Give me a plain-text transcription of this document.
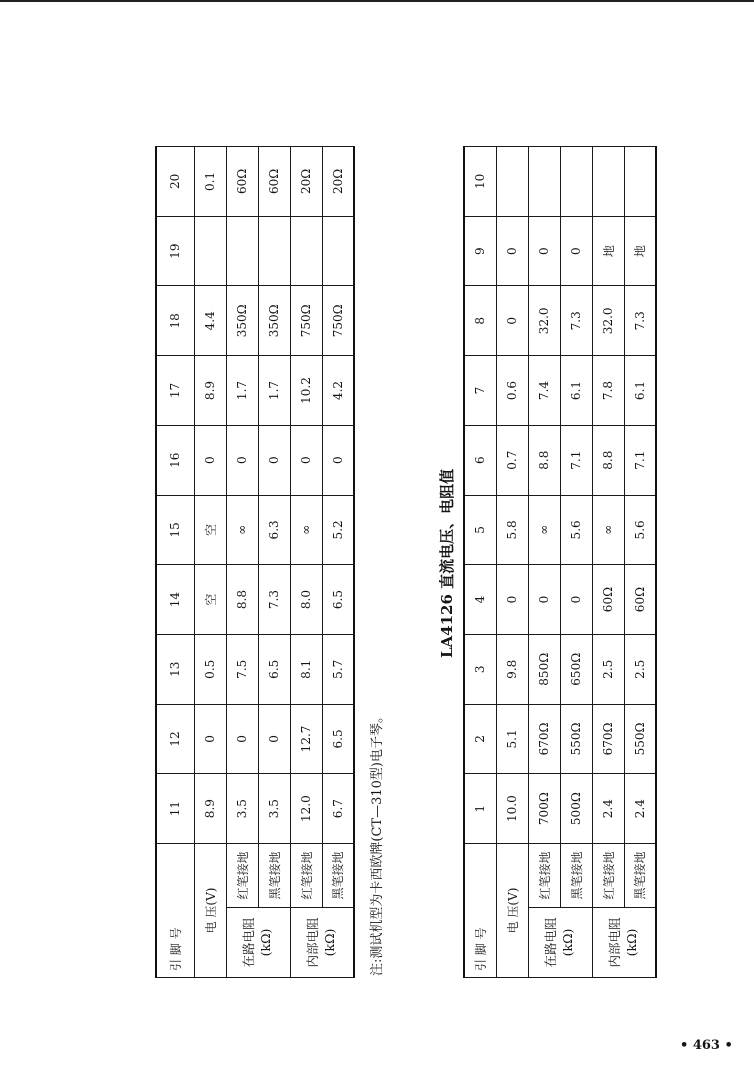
引 脚 号		11	12	13	14	15	16	17	18	19	20
电 压(V)		8.9	0	0.5	空	空	0	8.9	4.4		0.1

在路电阻 (kΩ)	红笔接地	3.5	0	7.5	8.8	∞	0	1.7	350Ω		60Ω
	黑笔接地	3.5	0	6.5	7.3	6.3	0	1.7	350Ω		60Ω

内部电阻 (kΩ)	红笔接地	12.0	12.7	8.1	8.0	∞	0	10.2	750Ω		20Ω
	黑笔接地	6.7	6.5	5.7	6.5	5.2	0	4.2	750Ω		20Ω
注:测试机型为卡西欧牌(CT—310型)电子琴。
LA4126 直流电压、电阻值
引 脚 号		1	2	3	4	5	6	7	8	9	10
电 压(V)		10.0	5.1	9.8	0	5.8	0.7	0.6	0	0	

在路电阻 (kΩ)	红笔接地	700Ω	670Ω	850Ω	0	∞	8.8	7.4	32.0	0	
	黑笔接地	500Ω	550Ω	650Ω	0	5.6	7.1	6.1	7.3	0	

内部电阻 (kΩ)	红笔接地	2.4	670Ω	2.5	60Ω	∞	8.8	7.8	32.0	地	
	黑笔接地	2.4	550Ω	2.5	60Ω	5.6	7.1	6.1	7.3	地	
• 463 •
